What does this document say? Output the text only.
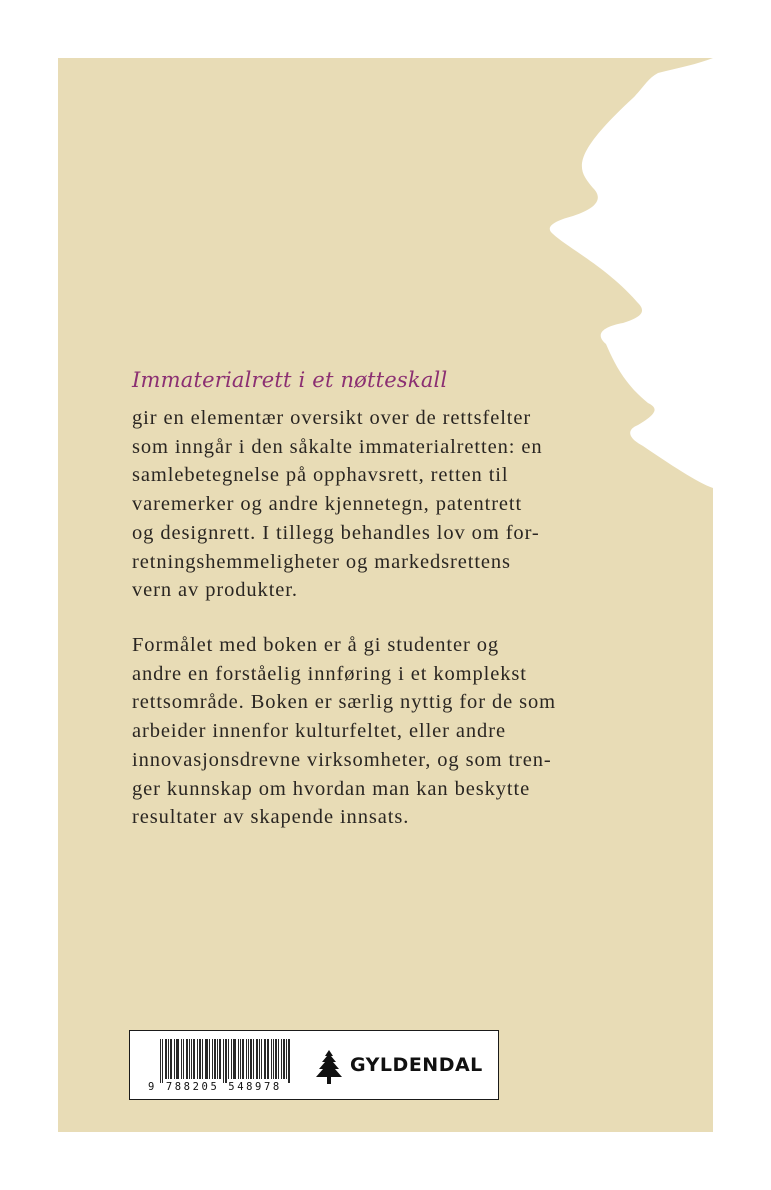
Immaterialrett i et nøtteskall

gir en elementær oversikt over de rettsfelter
som inngår i den såkalte immaterialretten: en
samlebetegnelse på opphavsrett, retten til
varemerker og andre kjennetegn, patentrett
og designrett. I tillegg behandles lov om for-
retningshemmeligheter og markedsrettens
vern av produkter.

Formålet med boken er å gi studenter og
andre en forståelig innføring i et komplekst
rettsområde. Boken er særlig nyttig for de som
arbeider innenfor kulturfeltet, eller andre
innovasjonsdrevne virksomheter, og som tren-
ger kunnskap om hvordan man kan beskytte
resultater av skapende innsats.

9 788205 548978
GYLDENDAL
